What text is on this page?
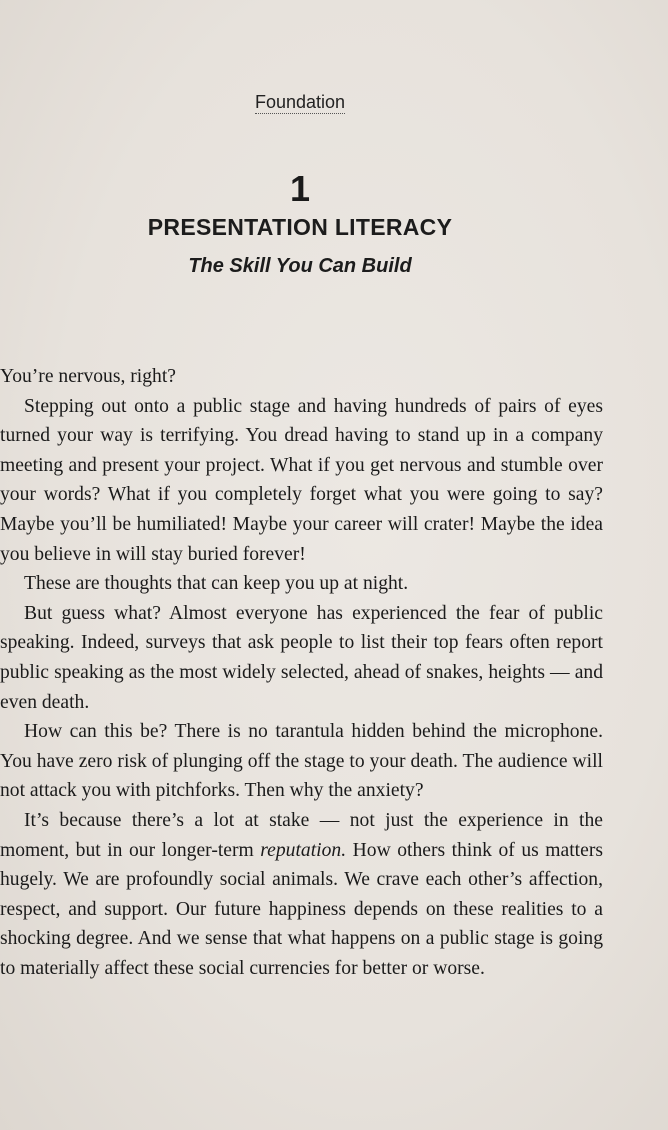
Foundation
1
PRESENTATION LITERACY
The Skill You Can Build

You’re nervous, right?

Stepping out onto a public stage and having hundreds of pairs of eyes turned your way is terrifying. You dread having to stand up in a company meeting and present your project. What if you get nervous and stumble over your words? What if you completely forget what you were going to say? Maybe you’ll be humiliated! Maybe your career will crater! Maybe the idea you believe in will stay buried forever!

These are thoughts that can keep you up at night.

But guess what? Almost everyone has experienced the fear of public speaking. Indeed, surveys that ask people to list their top fears often report public speaking as the most widely selected, ahead of snakes, heights — and even death.

How can this be? There is no tarantula hidden behind the microphone. You have zero risk of plunging off the stage to your death. The audience will not attack you with pitchforks. Then why the anxiety?

It’s because there’s a lot at stake — not just the experience in the moment, but in our longer-term reputation. How others think of us matters hugely. We are profoundly social animals. We crave each other’s affection, respect, and support. Our future happiness depends on these realities to a shocking degree. And we sense that what happens on a public stage is going to materially affect these social currencies for better or worse.
